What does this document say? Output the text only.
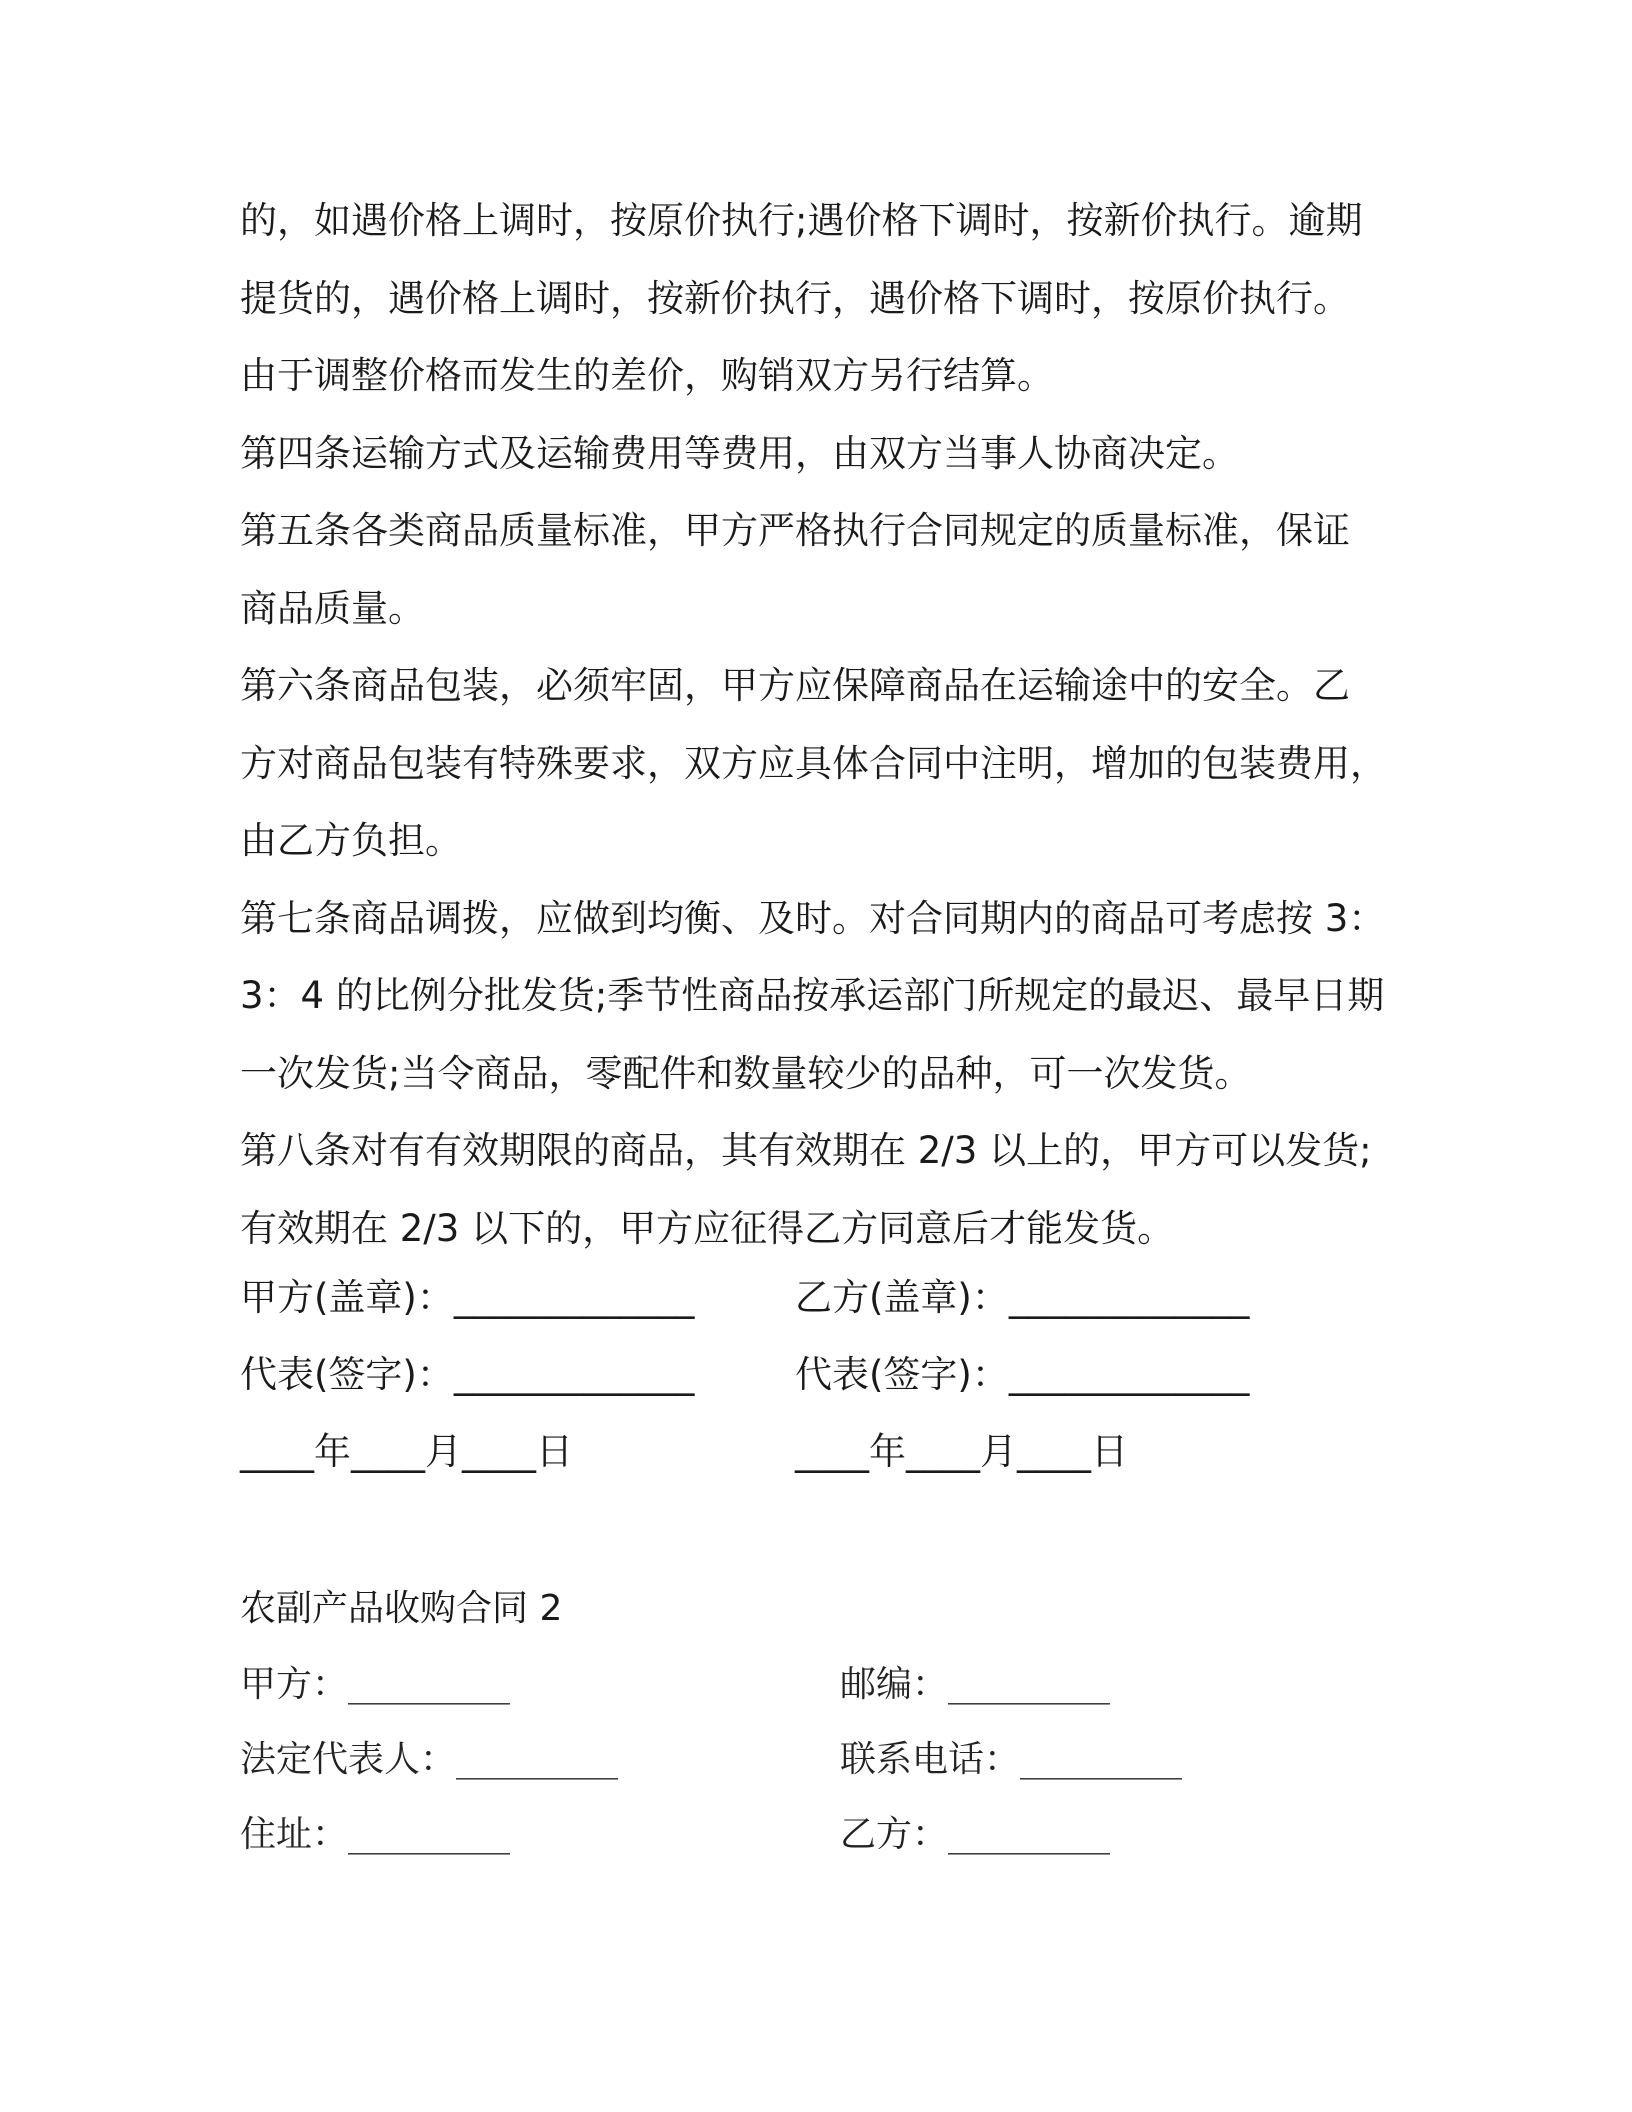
的，如遇价格上调时，按原价执行;遇价格下调时，按新价执行。逾期

提货的，遇价格上调时，按新价执行，遇价格下调时，按原价执行。

由于调整价格而发生的差价，购销双方另行结算。

第四条运输方式及运输费用等费用，由双方当事人协商决定。

第五条各类商品质量标准，甲方严格执行合同规定的质量标准，保证

商品质量。

第六条商品包装，必须牢固，甲方应保障商品在运输途中的安全。乙

方对商品包装有特殊要求，双方应具体合同中注明，增加的包装费用，

由乙方负担。

第七条商品调拨，应做到均衡、及时。对合同期内的商品可考虑按 3：

3：4 的比例分批发货;季节性商品按承运部门所规定的最迟、最早日期

一次发货;当令商品，零配件和数量较少的品种，可一次发货。

第八条对有有效期限的商品，其有效期在 2/3 以上的，甲方可以发货;

有效期在 2/3 以下的，甲方应征得乙方同意后才能发货。

甲方(盖章)：_____________	乙方(盖章)：_____________
代表(签字)：_____________	代表(签字)：_____________
____年____月____日	____年____月____日
农副产品收购合同 2
甲方：_________	邮编：_________
法定代表人：_________	联系电话：_________
住址：_________	乙方：_________
